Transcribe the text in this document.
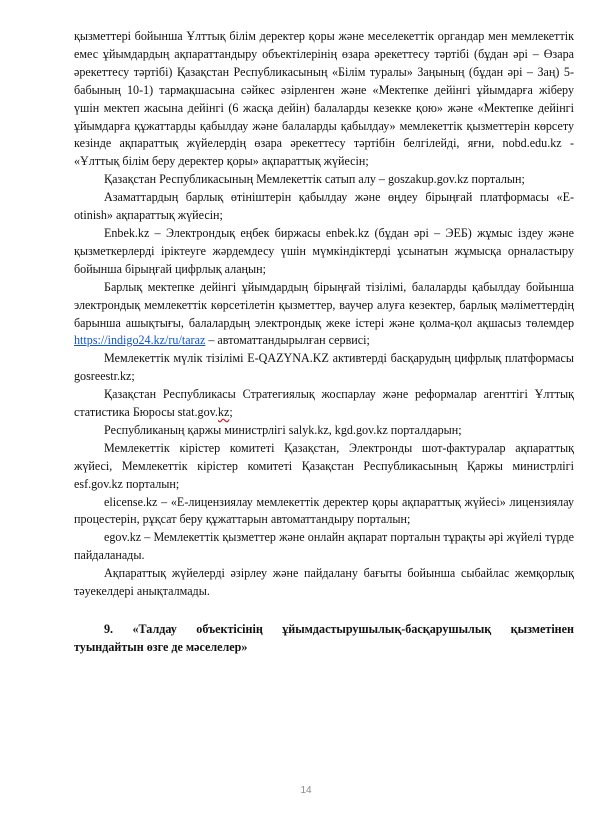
қызметтері бойынша Ұлттық білім деректер қоры және меселекеттік органдар мен мемлекеттік емес ұйымдардың ақпараттандыру объектілерінің өзара әрекеттесу тәртібі (бұдан әрі – Өзара әрекеттесу тәртібі) Қазақстан Республикасының «Білім туралы» Заңының (бұдан әрі – Заң) 5-бабының 10-1) тармақшасына сәйкес әзірленген және «Мектепке дейінгі ұйымдарға жіберу үшін мектеп жасына дейінгі (6 жасқа дейін) балаларды кезекке қою» және «Мектепке дейінгі ұйымдарға құжаттарды қабылдау және балаларды қабылдау» мемлекеттік қызметтерін көрсету кезінде ақпараттық жүйелердің өзара әрекеттесу тәртібін белгілейді, яғни, nobd.edu.kz - «Ұлттық білім беру деректер қоры» ақпараттық жүйесін;

Қазақстан Республикасының Мемлекеттік сатып алу – goszakup.gov.kz порталын;

Азаматтардың барлық өтініштерін қабылдау және өңдеу бірыңғай платформасы «E-otinish» ақпараттық жүйесін;

Enbek.kz – Электрондық еңбек биржасы enbek.kz (бұдан әрі – ЭЕБ) жұмыс іздеу және қызметкерлерді іріктеуге жәрдемдесу үшін мүмкіндіктерді ұсынатын жұмысқа орналастыру бойынша бірыңғай цифрлық алаңын;

Барлық мектепке дейінгі ұйымдардың бірыңғай тізілімі, балаларды қабылдау бойынша электрондық мемлекеттік көрсетілетін қызметтер, ваучер алуға кезектер, барлық мәліметтердің барынша ашықтығы, балалардың электрондық жеке істері және қолма-қол ақшасыз төлемдер https://indigo24.kz/ru/taraz – автоматтандырылған сервисі;

Мемлекеттік мүлік тізілімі E-QAZYNA.KZ активтерді басқарудың цифрлық платформасы gosreestr.kz;

Қазақстан Республикасы Стратегиялық жоспарлау және реформалар агенттігі Ұлттық статистика Бюросы stat.gov.kz;

Республиканың қаржы министрлігі salyk.kz, kgd.gov.kz порталдарын;

Мемлекеттік кірістер комитеті Қазақстан, Электронды шот-фактуралар ақпараттық жүйесі, Мемлекеттік кірістер комитеті Қазақстан Республикасының Қаржы министрлігі esf.gov.kz порталын;

elicense.kz – «Е-лицензиялау мемлекеттік деректер қоры ақпараттық жүйесі» лицензиялау процестерін, рұқсат беру құжаттарын автоматтандыру порталын;

egov.kz – Мемлекеттік қызметтер және онлайн ақпарат порталын тұрақты әрі жүйелі түрде пайдаланады.

Ақпараттық жүйелерді әзірлеу және пайдалану бағыты бойынша сыбайлас жемқорлық тәуекелдері анықталмады.

9. «Талдау объектісінің ұйымдастырушылық-басқарушылық қызметінен туындайтын өзге де мәселелер»

14
